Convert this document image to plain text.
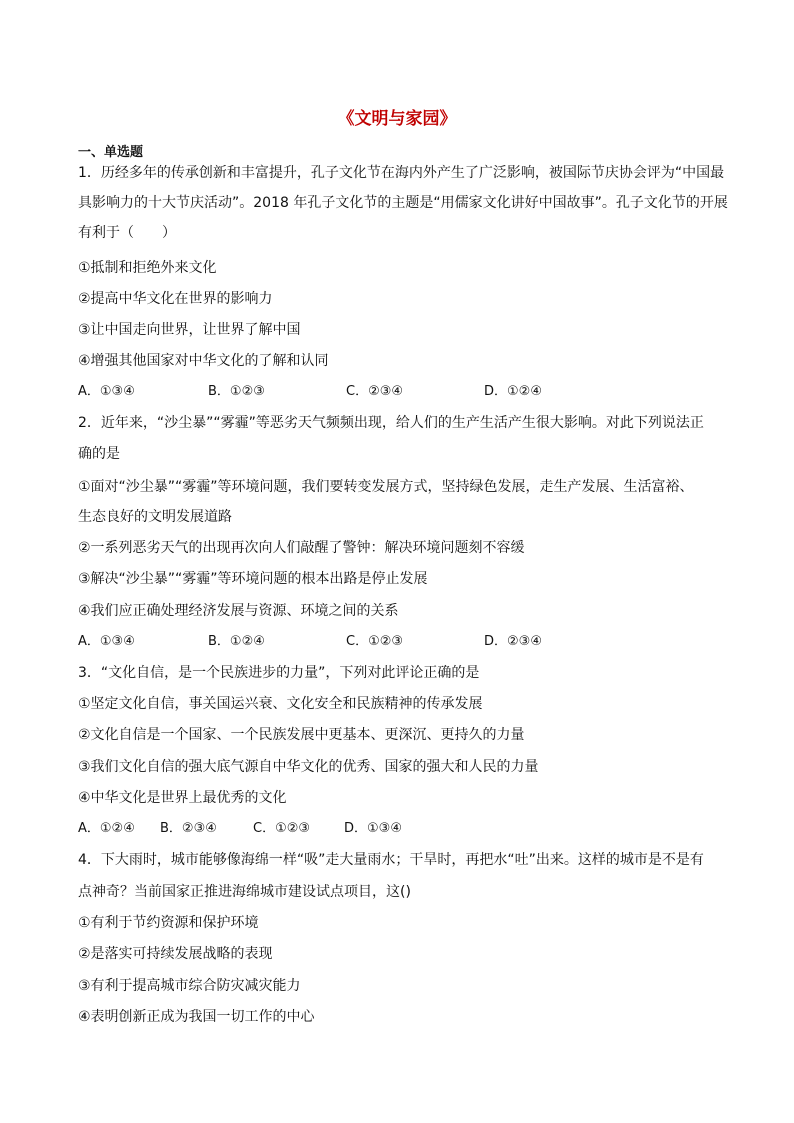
《文明与家园》
一、单选题
1．历经多年的传承创新和丰富提升，孔子文化节在海内外产生了广泛影响，被国际节庆协会评为“中国最
具影响力的十大节庆活动”。2018 年孔子文化节的主题是“用儒家文化讲好中国故事”。孔子文化节的开展
有利于（　　）
①抵制和拒绝外来文化
②提高中华文化在世界的影响力
③让中国走向世界，让世界了解中国
④增强其他国家对中华文化的了解和认同
A．①③④	B．①②③	C．②③④	D．①②④
2．近年来，“沙尘暴”“雾霾”等恶劣天气频频出现，给人们的生产生活产生很大影响。对此下列说法正
确的是
①面对“沙尘暴”“雾霾”等环境问题，我们要转变发展方式，坚持绿色发展，走生产发展、生活富裕、
生态良好的文明发展道路
②一系列恶劣天气的出现再次向人们敲醒了警钟：解决环境问题刻不容缓
③解决“沙尘暴”“雾霾”等环境问题的根本出路是停止发展
④我们应正确处理经济发展与资源、环境之间的关系
A．①③④	B．①②④	C．①②③	D．②③④
3．“文化自信，是一个民族进步的力量”，下列对此评论正确的是
①坚定文化自信，事关国运兴衰、文化安全和民族精神的传承发展
②文化自信是一个国家、一个民族发展中更基本、更深沉、更持久的力量
③我们文化自信的强大底气源自中华文化的优秀、国家的强大和人民的力量
④中华文化是世界上最优秀的文化
A．①②④ B．②③④	C．①②③	D．①③④
4．下大雨时，城市能够像海绵一样“吸”走大量雨水；干旱时，再把水“吐”出来。这样的城市是不是有
点神奇？当前国家正推进海绵城市建设试点项目，这()
①有利于节约资源和保护环境
②是落实可持续发展战略的表现
③有利于提高城市综合防灾减灾能力
④表明创新正成为我国一切工作的中心
